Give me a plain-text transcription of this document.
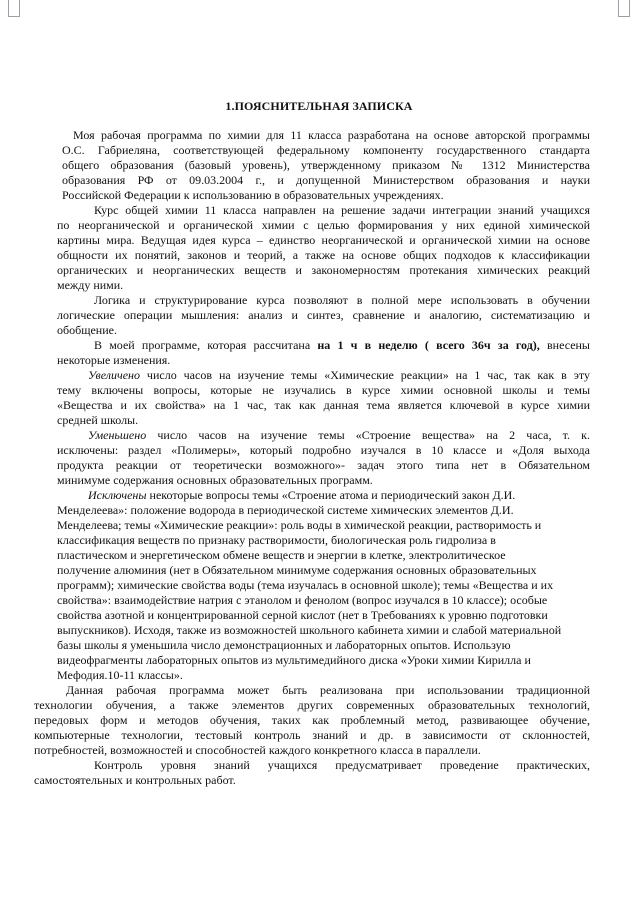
1.ПОЯСНИТЕЛЬНАЯ ЗАПИСКА
Моя рабочая программа по химии для 11 класса разработана на основе авторской программы
О.С. Габриеляна, соответствующей федеральному компоненту государственного стандарта
общего образования (базовый уровень), утвержденному приказом № 1312 Министерства
образования РФ от 09.03.2004 г., и допущенной Министерством образования и науки
Российской Федерации к использованию в образовательных учреждениях.
Курс общей химии 11 класса направлен на решение задачи интеграции знаний учащихся
по неорганической и органической химии с целью формирования у них единой химической
картины мира. Ведущая идея курса – единство неорганической и органической химии на основе
общности их понятий, законов и теорий, а также на основе общих подходов к классификации
органических и неорганических веществ и закономерностям протекания химических реакций
между ними.
Логика и структурирование курса позволяют в полной мере использовать в обучении
логические операции мышления: анализ и синтез, сравнение и аналогию, систематизацию и
обобщение.
В моей программе, которая рассчитана на 1 ч в неделю ( всего 36ч за год), внесены
некоторые изменения.
Увеличено число часов на изучение темы «Химические реакции» на 1 час, так как в эту
тему включены вопросы, которые не изучались в курсе химии основной школы и темы
«Вещества и их свойства» на 1 час, так как данная тема является ключевой в курсе химии
средней школы.
Уменьшено число часов на изучение темы «Строение вещества» на 2 часа, т. к.
исключены: раздел «Полимеры», который подробно изучался в 10 классе и «Доля выхода
продукта реакции от теоретически возможного»- задач этого типа нет в Обязательном
минимуме содержания основных образовательных программ.
Исключены некоторые вопросы темы «Строение атома и периодический закон Д.И.
Менделеева»: положение водорода в периодической системе химических элементов Д.И.
Менделеева; темы «Химические реакции»: роль воды в химической реакции, растворимость и
классификация веществ по признаку растворимости, биологическая роль гидролиза в
пластическом и энергетическом обмене веществ и энергии в клетке, электролитическое
получение алюминия (нет в Обязательном минимуме содержания основных образовательных
программ); химические свойства воды (тема изучалась в основной школе); темы «Вещества и их
свойства»: взаимодействие натрия с этанолом и фенолом (вопрос изучался в 10 классе); особые
свойства азотной и концентрированной серной кислот (нет в Требованиях к уровню подготовки
выпускников). Исходя, также из возможностей школьного кабинета химии и слабой материальной
базы школы я уменьшила число демонстрационных и лабораторных опытов. Использую
видеофрагменты лабораторных опытов из мультимедийного диска «Уроки химии Кирилла и
Мефодия.10-11 классы».
Данная рабочая программа может быть реализована при использовании традиционной
технологии обучения, а также элементов других современных образовательных технологий,
передовых форм и методов обучения, таких как проблемный метод, развивающее обучение,
компьютерные технологии, тестовый контроль знаний и др. в зависимости от склонностей,
потребностей, возможностей и способностей каждого конкретного класса в параллели.
Контроль уровня знаний учащихся предусматривает проведение практических,
самостоятельных и контрольных работ.
